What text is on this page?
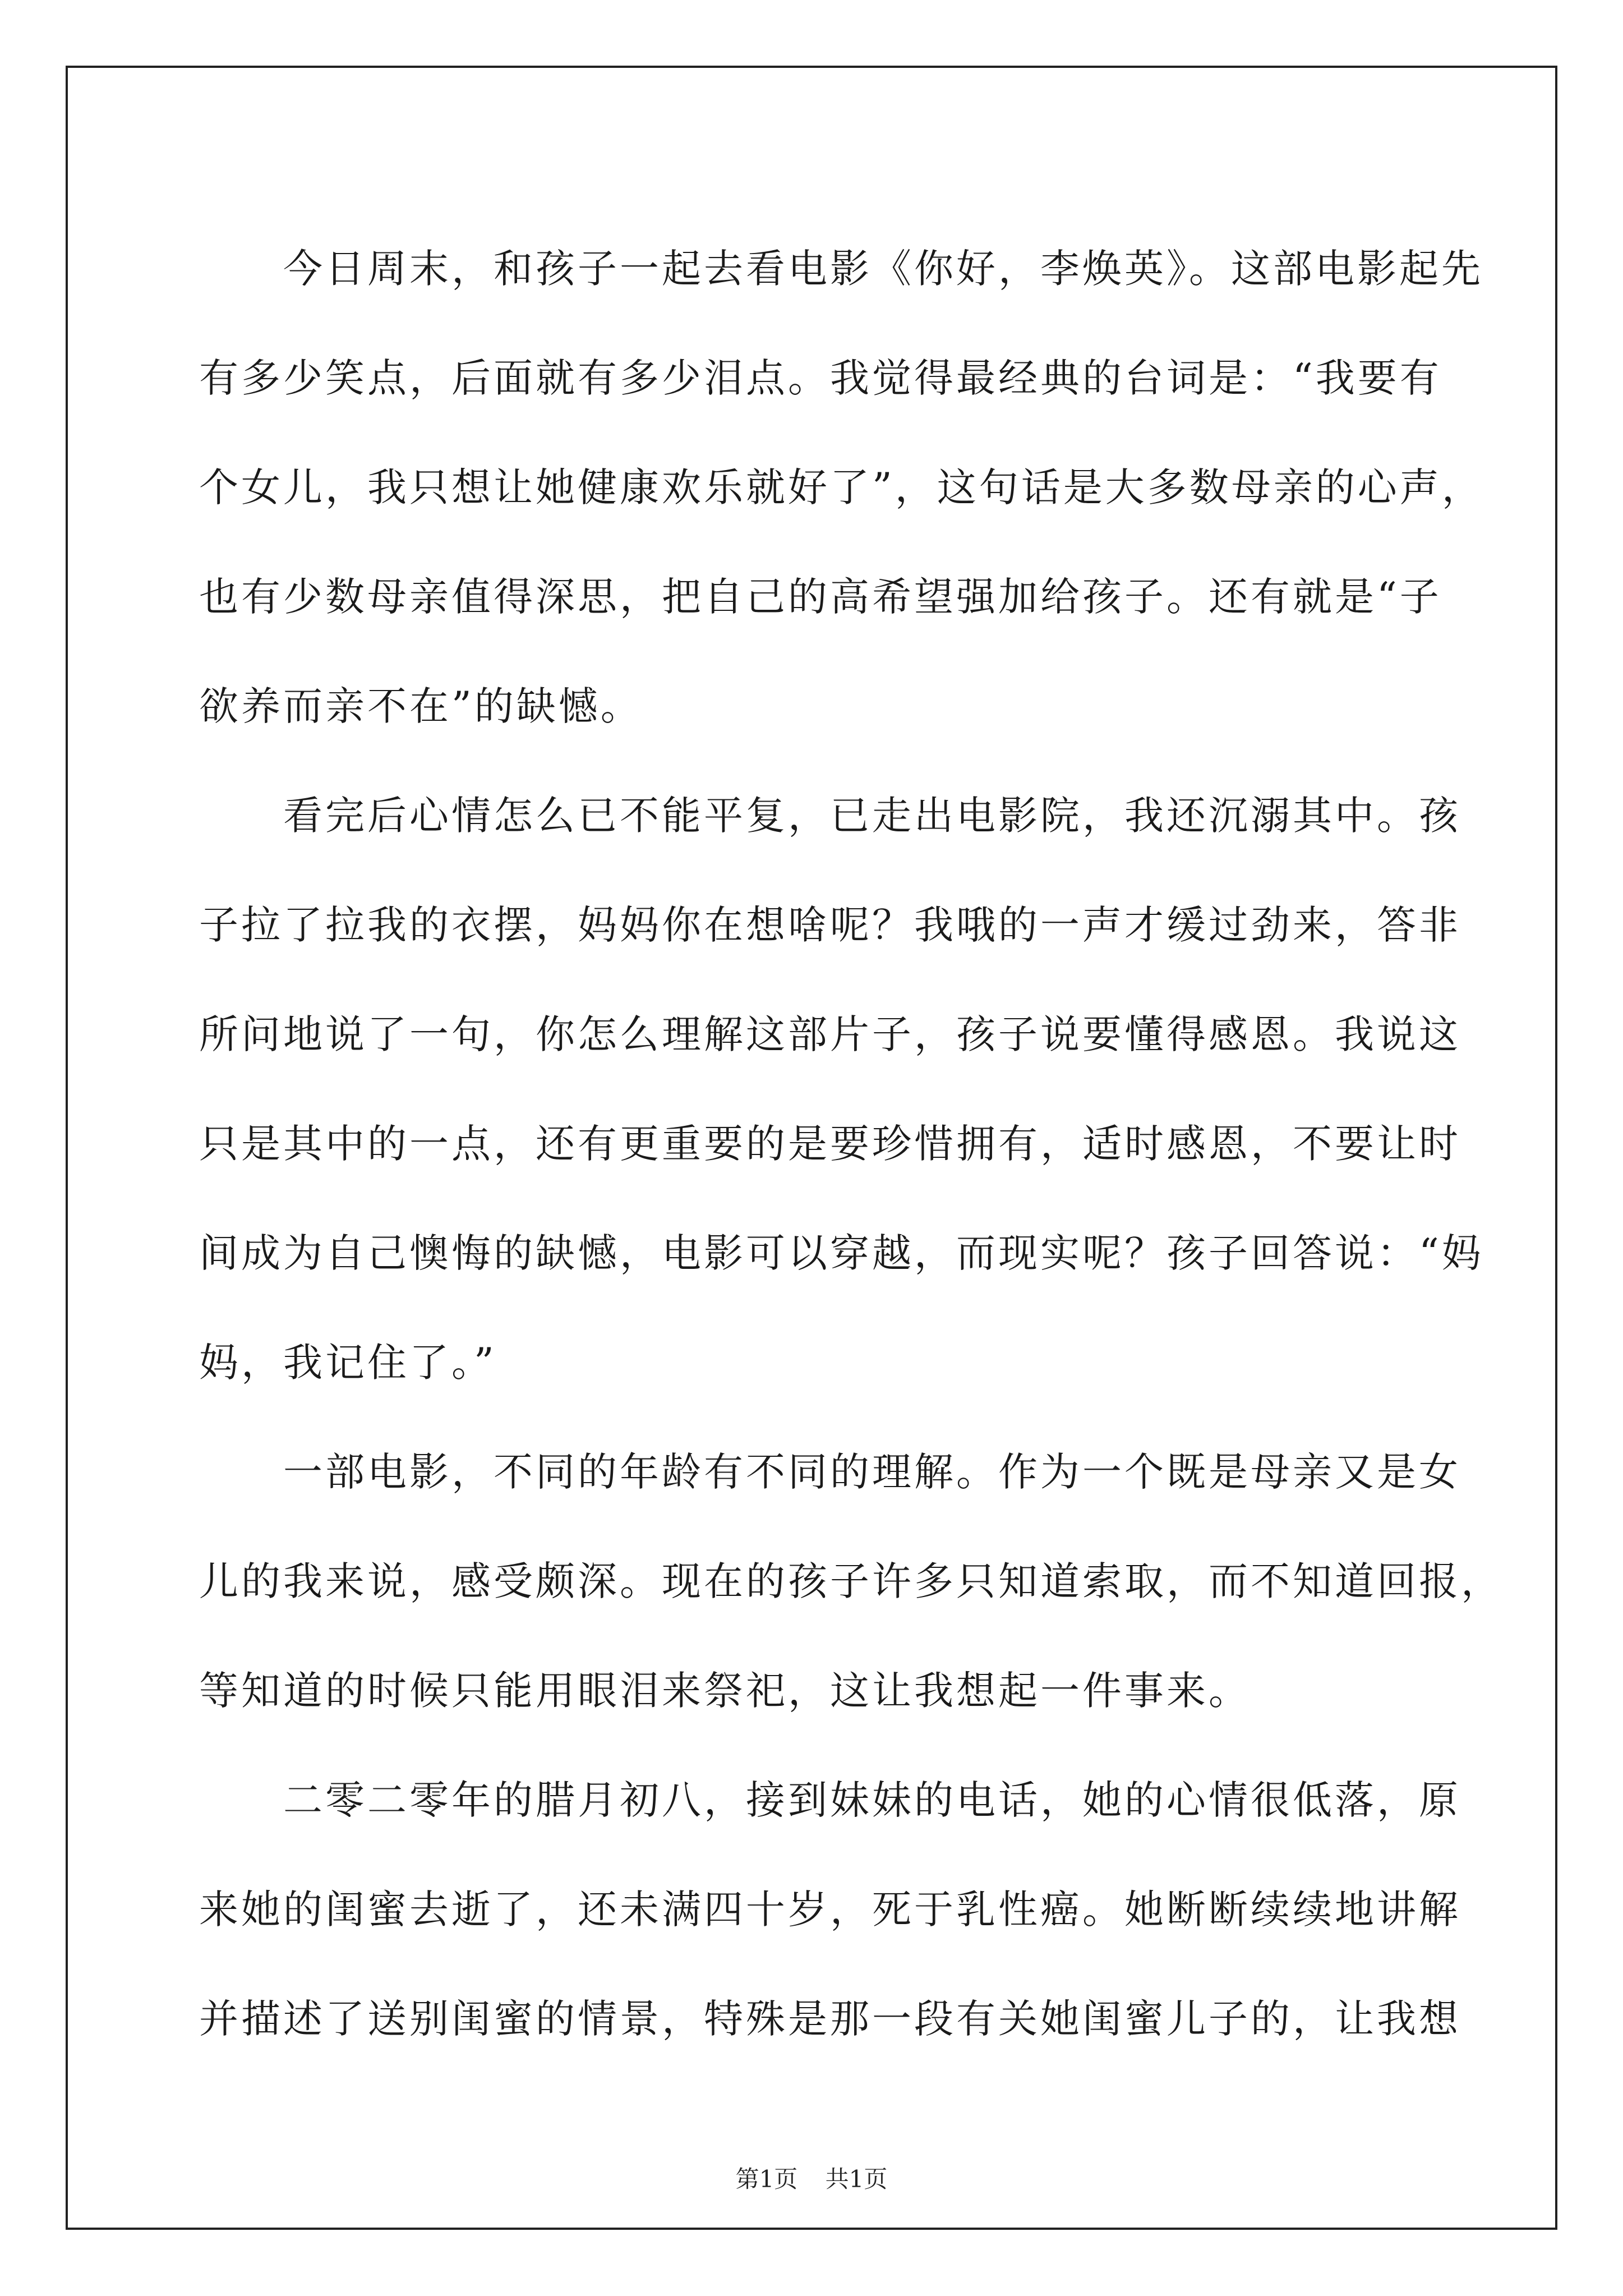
今日周末，和孩子一起去看电影《你好，李焕英》。这部电影起先
有多少笑点，后面就有多少泪点。我觉得最经典的台词是：“我要有
个女儿，我只想让她健康欢乐就好了”，这句话是大多数母亲的心声，
也有少数母亲值得深思，把自己的高希望强加给孩子。还有就是“子
欲养而亲不在”的缺憾。
看完后心情怎么已不能平复，已走出电影院，我还沉溺其中。孩
子拉了拉我的衣摆，妈妈你在想啥呢？我哦的一声才缓过劲来，答非
所问地说了一句，你怎么理解这部片子，孩子说要懂得感恩。我说这
只是其中的一点，还有更重要的是要珍惜拥有，适时感恩，不要让时
间成为自己懊悔的缺憾，电影可以穿越，而现实呢？孩子回答说：“妈
妈，我记住了。”
一部电影，不同的年龄有不同的理解。作为一个既是母亲又是女
儿的我来说，感受颇深。现在的孩子许多只知道索取，而不知道回报，
等知道的时候只能用眼泪来祭祀，这让我想起一件事来。
二零二零年的腊月初八，接到妹妹的电话，她的心情很低落，原
来她的闺蜜去逝了，还未满四十岁，死于乳性癌。她断断续续地讲解
并描述了送别闺蜜的情景，特殊是那一段有关她闺蜜儿子的，让我想
第1页 共1页
